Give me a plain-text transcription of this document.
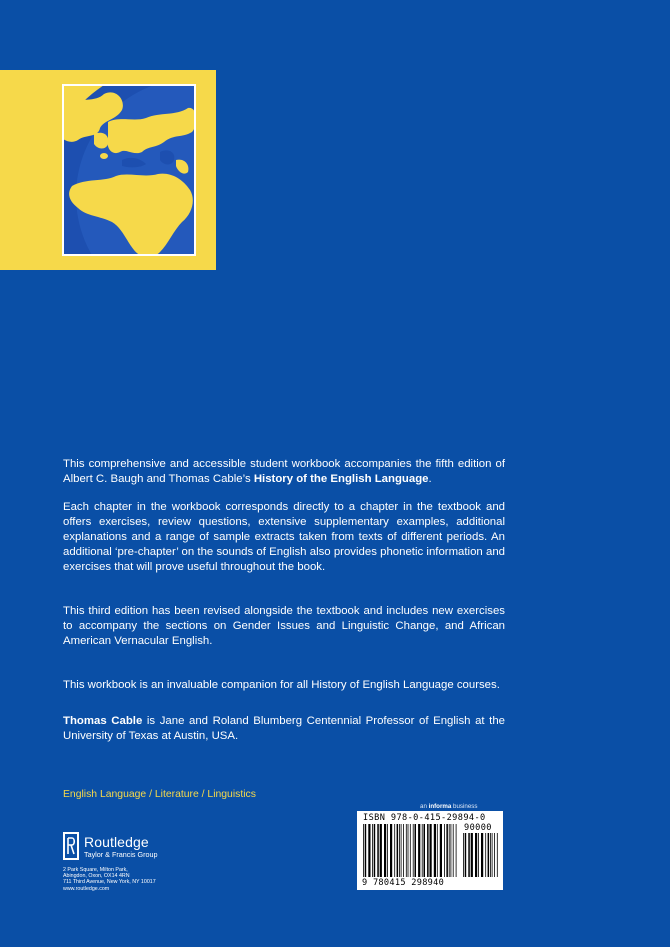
This comprehensive and accessible student workbook accompanies the fifth edition of Albert C. Baugh and Thomas Cable’s History of the English Language.

Each chapter in the workbook corresponds directly to a chapter in the textbook and offers exercises, review questions, extensive supplementary examples, additional explanations and a range of sample extracts taken from texts of different periods. An additional ‘pre-chapter’ on the sounds of English also provides phonetic information and exercises that will prove useful throughout the book.

This third edition has been revised alongside the textbook and includes new exercises to accompany the sections on Gender Issues and Linguistic Change, and African American Vernacular English.

This workbook is an invaluable companion for all History of English Language courses.

Thomas Cable is Jane and Roland Blumberg Centennial Professor of English at the University of Texas at Austin, USA.

English Language / Literature / Linguistics
Routledge
Taylor & Francis Group
2 Park Square, Milton Park,
Abingdon, Oxon, OX14 4RN
711 Third Avenue, New York, NY 10017
www.routledge.com
an informa business
ISBN 978-0-415-29894-0
90000
9 780415 298940
